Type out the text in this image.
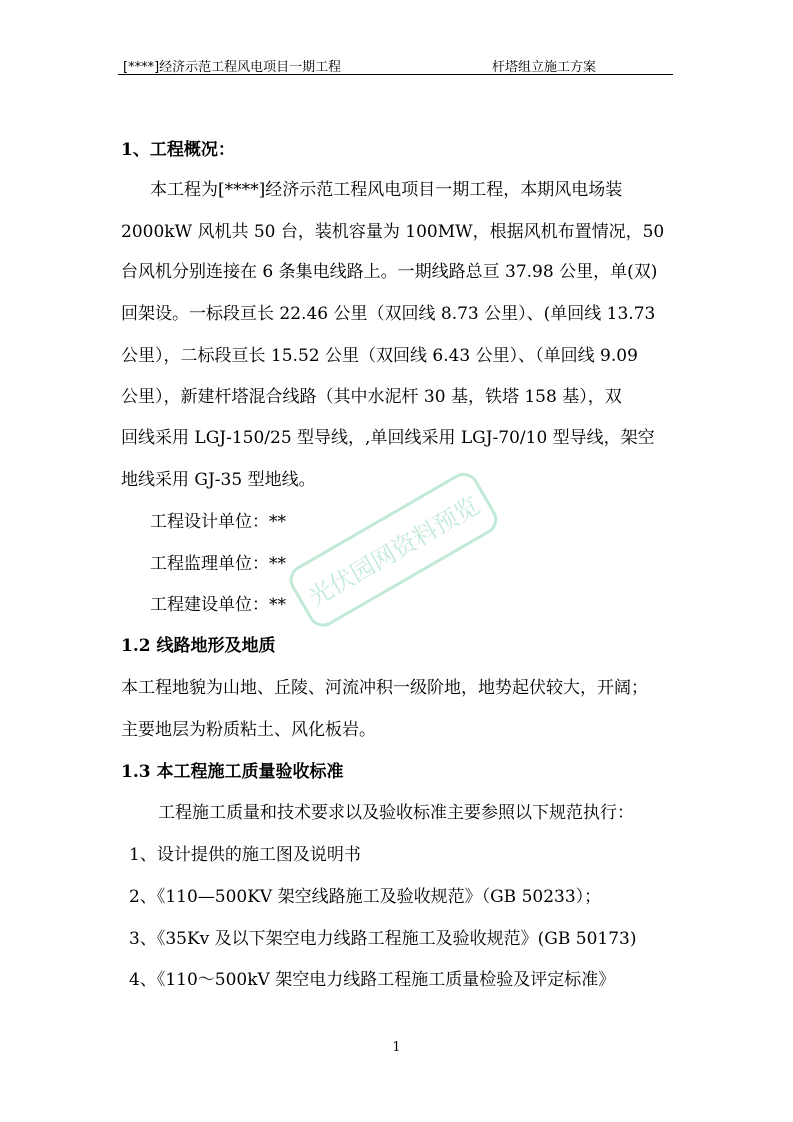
[****]经济示范工程风电项目一期工程	杆塔组立施工方案
1、工程概况：
本工程为[****]经济示范工程风电项目一期工程，本期风电场装
2000kW 风机共 50 台，装机容量为 100MW，根据风机布置情况，50
台风机分别连接在 6 条集电线路上。一期线路总亘 37.98 公里，单(双)
回架设。一标段亘长 22.46 公里（双回线 8.73 公里）、(单回线 13.73
公里），二标段亘长 15.52 公里（双回线 6.43 公里）、（单回线 9.09
公里），新建杆塔混合线路（其中水泥杆 30 基，铁塔 158 基），双
回线采用 LGJ-150/25 型导线，,单回线采用 LGJ-70/10 型导线，架空
地线采用 GJ-35 型地线。
工程设计单位：**
工程监理单位：**
工程建设单位：**
1.2 线路地形及地质
本工程地貌为山地、丘陵、河流冲积一级阶地，地势起伏较大，开阔；
主要地层为粉质粘土、风化板岩。
1.3 本工程施工质量验收标准
工程施工质量和技术要求以及验收标准主要参照以下规范执行：
1、设计提供的施工图及说明书
2、《110—500KV 架空线路施工及验收规范》（GB 50233）；
3、《35Kv 及以下架空电力线路工程施工及验收规范》(GB 50173)
4、《110～500kV 架空电力线路工程施工质量检验及评定标准》
光伏园网资料预览
1
